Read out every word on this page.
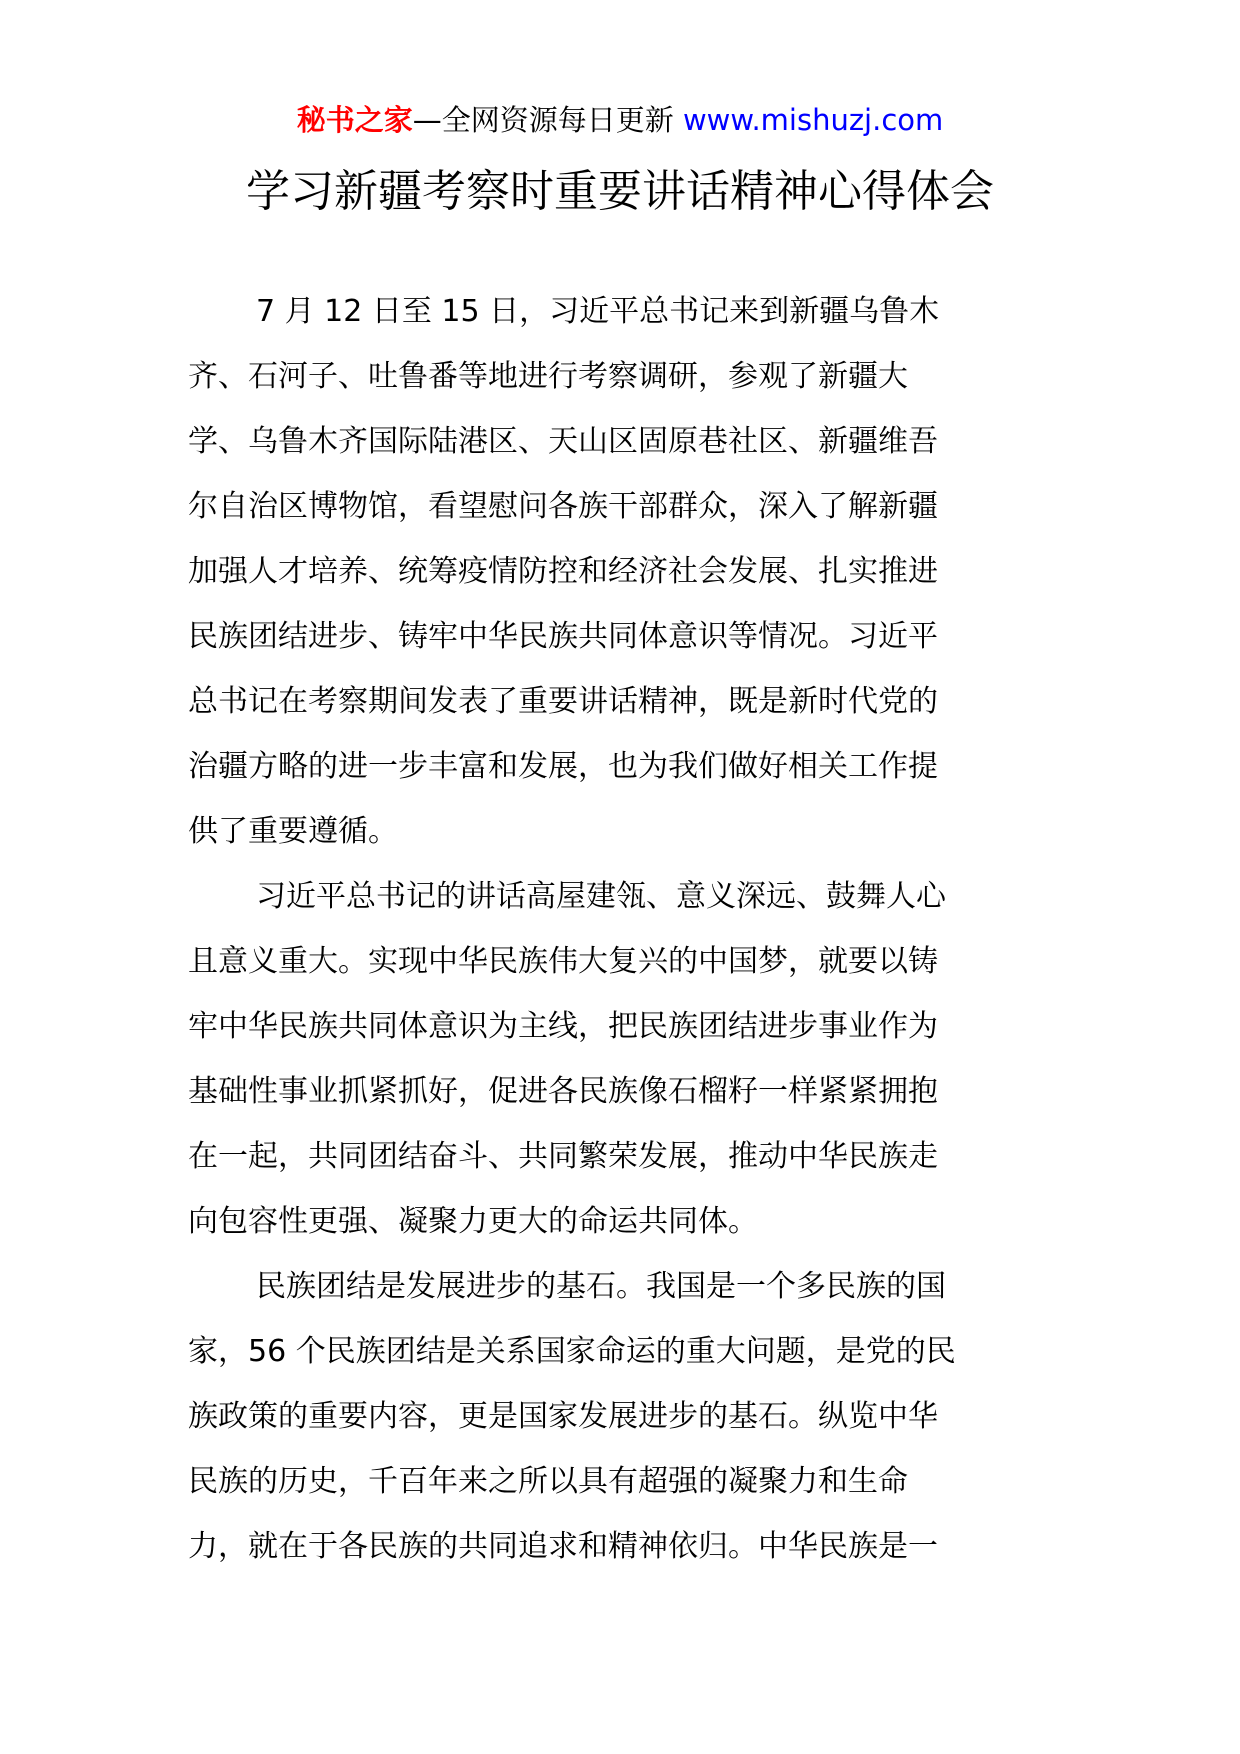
秘书之家—全网资源每日更新 www.mishuzj.com
学习新疆考察时重要讲话精神心得体会
7 月 12 日至 15 日，习近平总书记来到新疆乌鲁木
齐、石河子、吐鲁番等地进行考察调研，参观了新疆大
学、乌鲁木齐国际陆港区、天山区固原巷社区、新疆维吾
尔自治区博物馆，看望慰问各族干部群众，深入了解新疆
加强人才培养、统筹疫情防控和经济社会发展、扎实推进
民族团结进步、铸牢中华民族共同体意识等情况。习近平
总书记在考察期间发表了重要讲话精神，既是新时代党的
治疆方略的进一步丰富和发展，也为我们做好相关工作提
供了重要遵循。
习近平总书记的讲话高屋建瓴、意义深远、鼓舞人心
且意义重大。实现中华民族伟大复兴的中国梦，就要以铸
牢中华民族共同体意识为主线，把民族团结进步事业作为
基础性事业抓紧抓好，促进各民族像石榴籽一样紧紧拥抱
在一起，共同团结奋斗、共同繁荣发展，推动中华民族走
向包容性更强、凝聚力更大的命运共同体。
民族团结是发展进步的基石。我国是一个多民族的国
家，56 个民族团结是关系国家命运的重大问题，是党的民
族政策的重要内容，更是国家发展进步的基石。纵览中华
民族的历史，千百年来之所以具有超强的凝聚力和生命
力，就在于各民族的共同追求和精神依归。中华民族是一
